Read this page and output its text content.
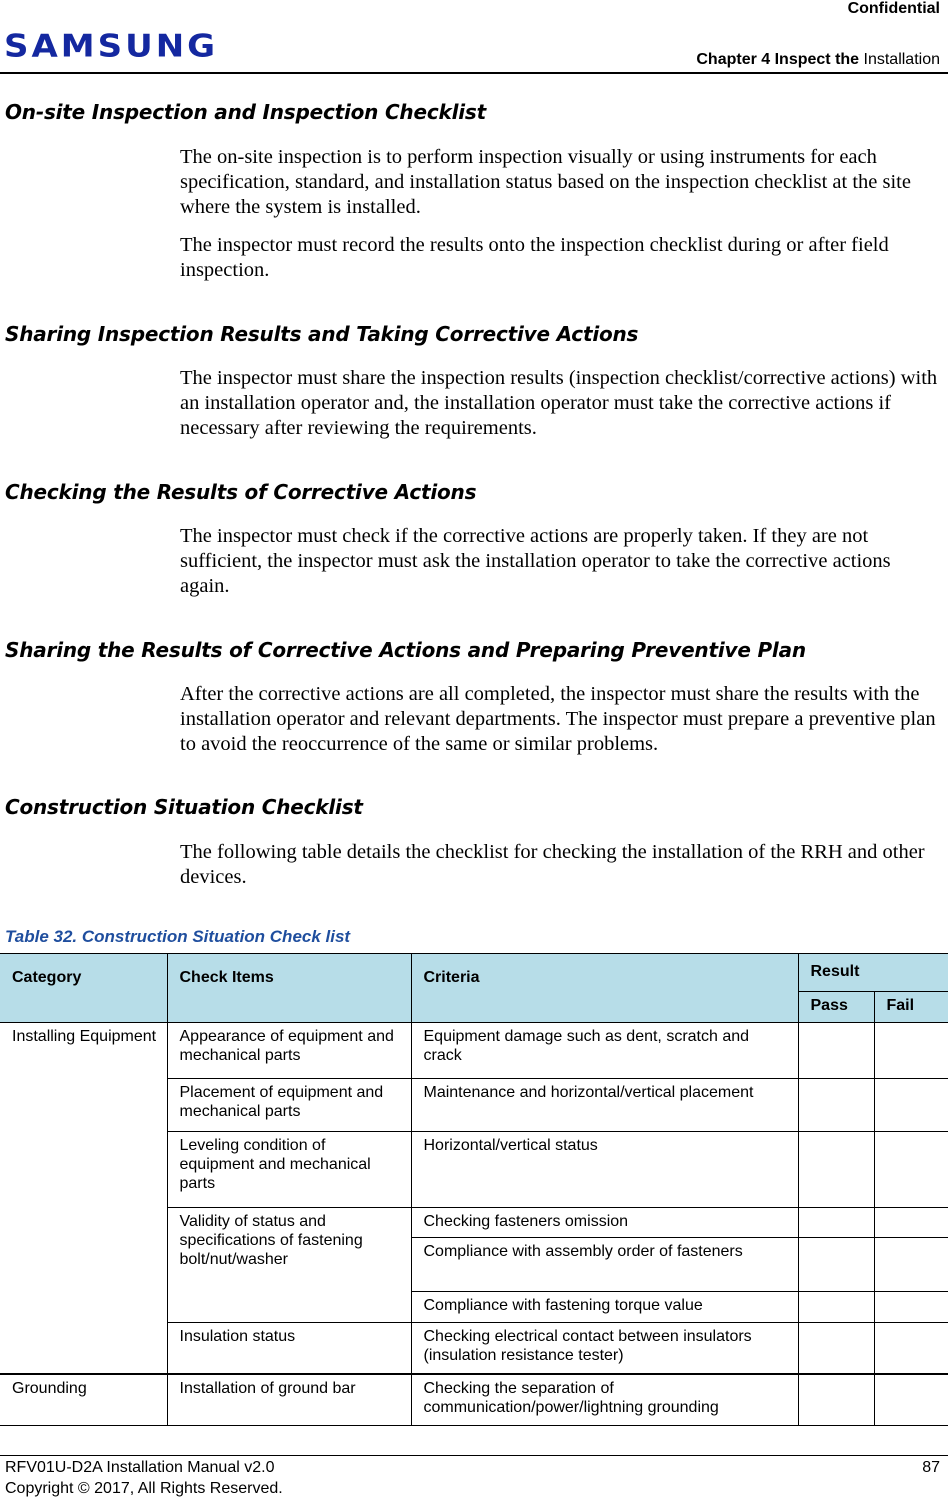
Confidential
SAMSUNG	Chapter 4 Inspect the Installation
On-site Inspection and Inspection Checklist

The on-site inspection is to perform inspection visually or using instruments for each specification, standard, and installation status based on the inspection checklist at the site where the system is installed.

The inspector must record the results onto the inspection checklist during or after field inspection.

Sharing Inspection Results and Taking Corrective Actions

The inspector must share the inspection results (inspection checklist/corrective actions) with an installation operator and, the installation operator must take the corrective actions if necessary after reviewing the requirements.

Checking the Results of Corrective Actions

The inspector must check if the corrective actions are properly taken. If they are not sufficient, the inspector must ask the installation operator to take the corrective actions again.

Sharing the Results of Corrective Actions and Preparing Preventive Plan

After the corrective actions are all completed, the inspector must share the results with the installation operator and relevant departments. The inspector must prepare a preventive plan to avoid the reoccurrence of the same or similar problems.

Construction Situation Checklist

The following table details the checklist for checking the installation of the RRH and other devices.

Table 32. Construction Situation Check list
Category	Check Items	Criteria	Result	
			Pass	Fail
Installing Equipment	Appearance of equipment and mechanical parts	Equipment damage such as dent, scratch and crack		
	Placement of equipment and mechanical parts	Maintenance and horizontal/vertical placement		
	Leveling condition of equipment and mechanical parts	Horizontal/vertical status		
	Validity of status and specifications of fastening bolt/nut/washer	Checking fasteners omission		
		Compliance with assembly order of fasteners		
		Compliance with fastening torque value		
	Insulation status	Checking electrical contact between insulators (insulation resistance tester)		
Grounding	Installation of ground bar	Checking the separation of communication/power/lightning grounding		
RFV01U-D2A Installation Manual v2.0
Copyright © 2017, All Rights Reserved.
87
